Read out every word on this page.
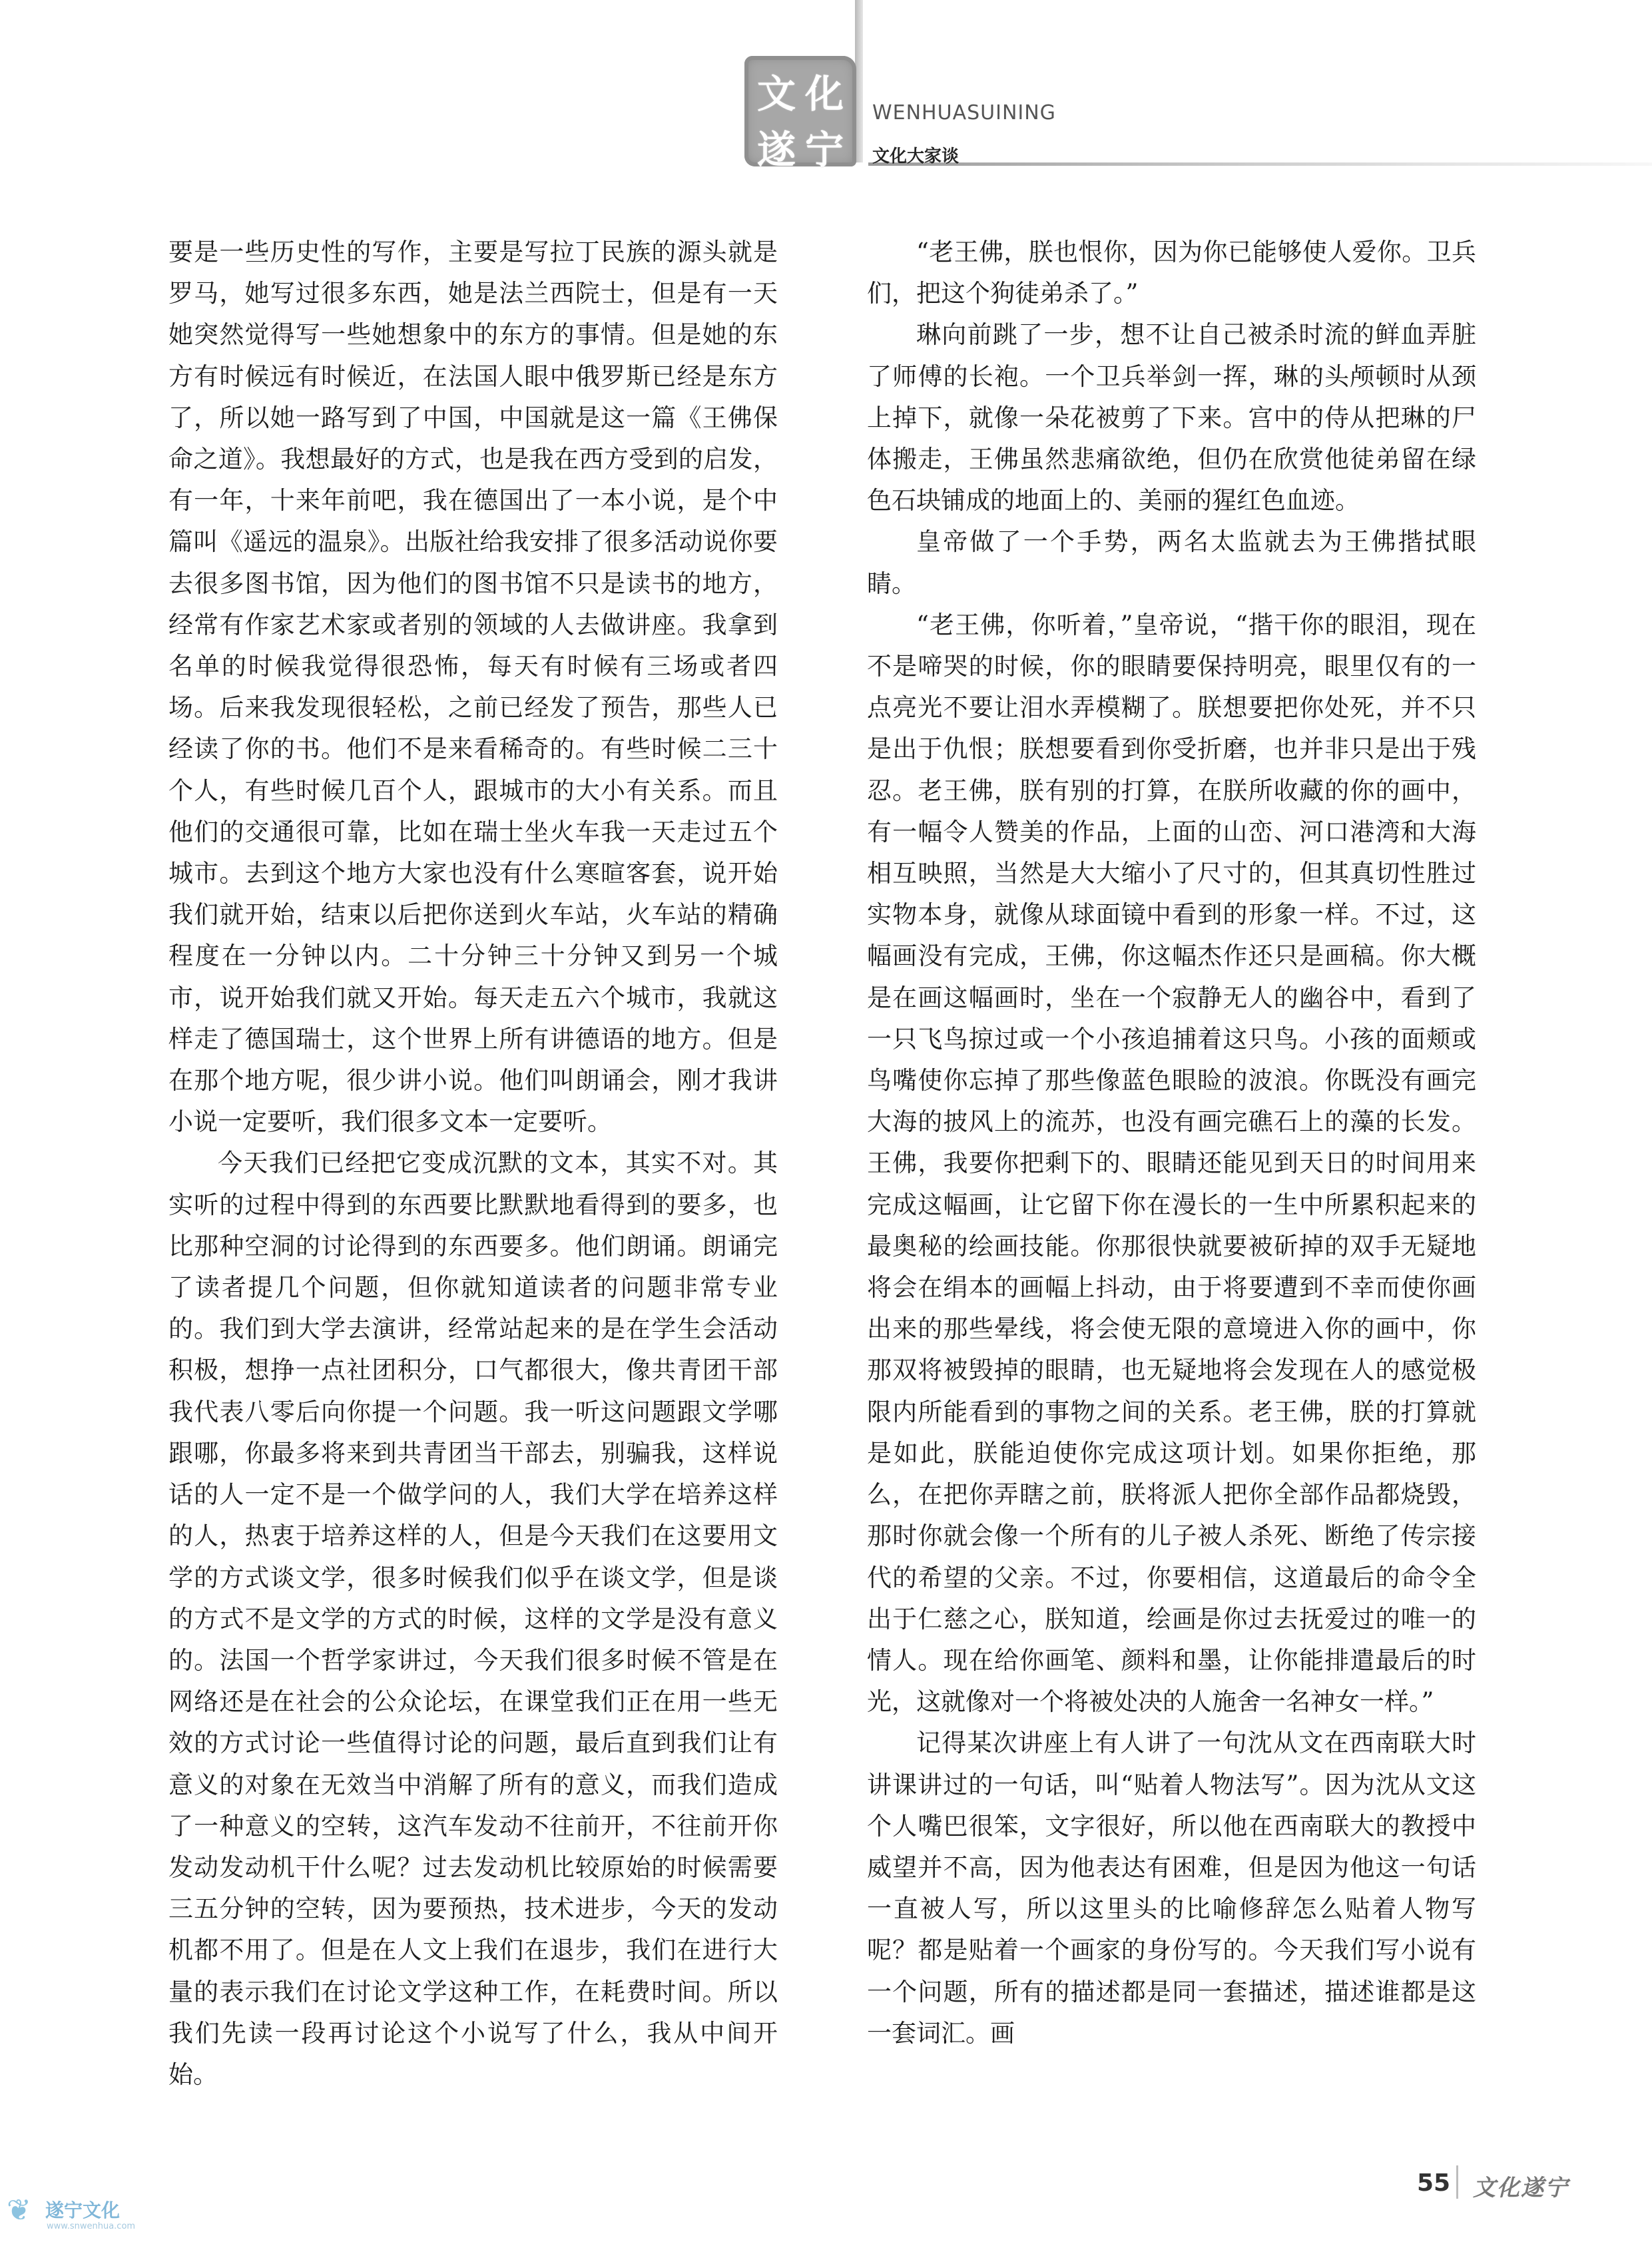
文 化
遂 宁
WENHUASUINING
文化大家谈

要是一些历史性的写作，主要是写拉丁民族的源头就是罗马，她写过很多东西，她是法兰西院士，但是有一天她突然觉得写一些她想象中的东方的事情。但是她的东方有时候远有时候近，在法国人眼中俄罗斯已经是东方了，所以她一路写到了中国，中国就是这一篇《王佛保命之道》。我想最好的方式，也是我在西方受到的启发，有一年，十来年前吧，我在德国出了一本小说，是个中篇叫《遥远的温泉》。出版社给我安排了很多活动说你要去很多图书馆，因为他们的图书馆不只是读书的地方，经常有作家艺术家或者别的领域的人去做讲座。我拿到名单的时候我觉得很恐怖，每天有时候有三场或者四场。后来我发现很轻松，之前已经发了预告，那些人已经读了你的书。他们不是来看稀奇的。有些时候二三十个人，有些时候几百个人，跟城市的大小有关系。而且他们的交通很可靠，比如在瑞士坐火车我一天走过五个城市。去到这个地方大家也没有什么寒暄客套，说开始我们就开始，结束以后把你送到火车站，火车站的精确程度在一分钟以内。二十分钟三十分钟又到另一个城市，说开始我们就又开始。每天走五六个城市，我就这样走了德国瑞士，这个世界上所有讲德语的地方。但是在那个地方呢，很少讲小说。他们叫朗诵会，刚才我讲小说一定要听，我们很多文本一定要听。

今天我们已经把它变成沉默的文本，其实不对。其实听的过程中得到的东西要比默默地看得到的要多，也比那种空洞的讨论得到的东西要多。他们朗诵。朗诵完了读者提几个问题，但你就知道读者的问题非常专业的。我们到大学去演讲，经常站起来的是在学生会活动积极，想挣一点社团积分，口气都很大，像共青团干部我代表八零后向你提一个问题。我一听这问题跟文学哪跟哪，你最多将来到共青团当干部去，别骗我，这样说话的人一定不是一个做学问的人，我们大学在培养这样的人，热衷于培养这样的人，但是今天我们在这要用文学的方式谈文学，很多时候我们似乎在谈文学，但是谈的方式不是文学的方式的时候，这样的文学是没有意义的。法国一个哲学家讲过，今天我们很多时候不管是在网络还是在社会的公众论坛，在课堂我们正在用一些无效的方式讨论一些值得讨论的问题，最后直到我们让有意义的对象在无效当中消解了所有的意义，而我们造成了一种意义的空转，这汽车发动不往前开，不往前开你发动发动机干什么呢？过去发动机比较原始的时候需要三五分钟的空转，因为要预热，技术进步，今天的发动机都不用了。但是在人文上我们在退步，我们在进行大量的表示我们在讨论文学这种工作，在耗费时间。所以我们先读一段再讨论这个小说写了什么，我从中间开始。

“老王佛，朕也恨你，因为你已能够使人爱你。卫兵们，把这个狗徒弟杀了。”

琳向前跳了一步，想不让自己被杀时流的鲜血弄脏了师傅的长袍。一个卫兵举剑一挥，琳的头颅顿时从颈上掉下，就像一朵花被剪了下来。宫中的侍从把琳的尸体搬走，王佛虽然悲痛欲绝，但仍在欣赏他徒弟留在绿色石块铺成的地面上的、美丽的猩红色血迹。

皇帝做了一个手势，两名太监就去为王佛揩拭眼睛。

“老王佛，你听着，”皇帝说，“揩干你的眼泪，现在不是啼哭的时候，你的眼睛要保持明亮，眼里仅有的一点亮光不要让泪水弄模糊了。朕想要把你处死，并不只是出于仇恨；朕想要看到你受折磨，也并非只是出于残忍。老王佛，朕有别的打算，在朕所收藏的你的画中，有一幅令人赞美的作品，上面的山峦、河口港湾和大海相互映照，当然是大大缩小了尺寸的，但其真切性胜过实物本身，就像从球面镜中看到的形象一样。不过，这幅画没有完成，王佛，你这幅杰作还只是画稿。你大概是在画这幅画时，坐在一个寂静无人的幽谷中，看到了一只飞鸟掠过或一个小孩追捕着这只鸟。小孩的面颊或鸟嘴使你忘掉了那些像蓝色眼睑的波浪。你既没有画完大海的披风上的流苏，也没有画完礁石上的藻的长发。王佛，我要你把剩下的、眼睛还能见到天日的时间用来完成这幅画，让它留下你在漫长的一生中所累积起来的最奥秘的绘画技能。你那很快就要被斫掉的双手无疑地将会在绢本的画幅上抖动，由于将要遭到不幸而使你画出来的那些晕线，将会使无限的意境进入你的画中，你那双将被毁掉的眼睛，也无疑地将会发现在人的感觉极限内所能看到的事物之间的关系。老王佛，朕的打算就是如此，朕能迫使你完成这项计划。如果你拒绝，那么，在把你弄瞎之前，朕将派人把你全部作品都烧毁，那时你就会像一个所有的儿子被人杀死、断绝了传宗接代的希望的父亲。不过，你要相信，这道最后的命令全出于仁慈之心，朕知道，绘画是你过去抚爱过的唯一的情人。现在给你画笔、颜料和墨，让你能排遣最后的时光，这就像对一个将被处决的人施舍一名神女一样。”

记得某次讲座上有人讲了一句沈从文在西南联大时讲课讲过的一句话，叫“贴着人物法写”。因为沈从文这个人嘴巴很笨，文字很好，所以他在西南联大的教授中威望并不高，因为他表达有困难，但是因为他这一句话一直被人写，所以这里头的比喻修辞怎么贴着人物写呢？都是贴着一个画家的身份写的。今天我们写小说有一个问题，所有的描述都是同一套描述，描述谁都是这一套词汇。画

55 文化遂宁
❦ 遂宁文化
www.snwenhua.com
